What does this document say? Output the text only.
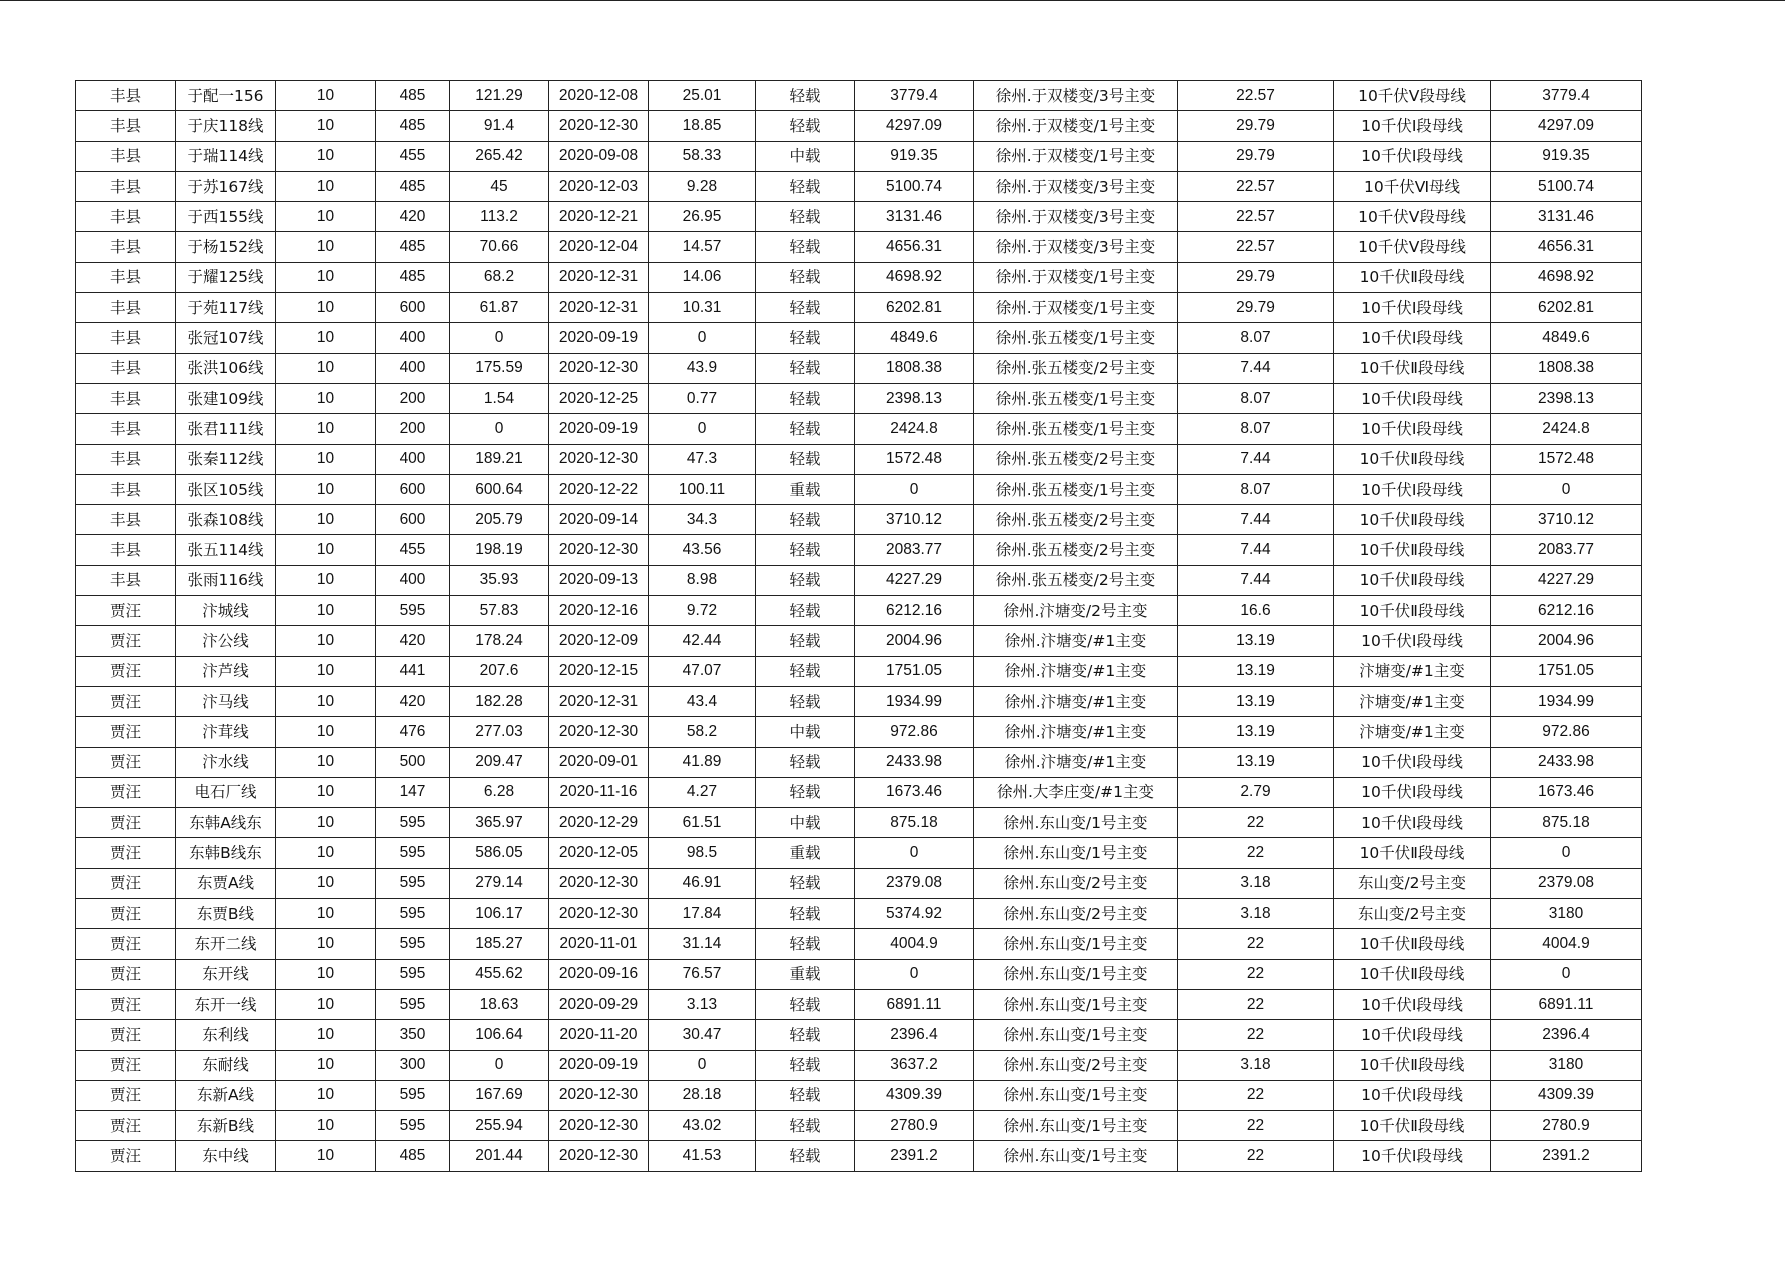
丰县	于配一156	10	485	121.29	2020-12-08	25.01	轻载	3779.4	徐州.于双楼变/3号主变	22.57	10千伏Ⅴ段母线	3779.4
丰县	于庆118线	10	485	91.4	2020-12-30	18.85	轻载	4297.09	徐州.于双楼变/1号主变	29.79	10千伏Ⅰ段母线	4297.09
丰县	于瑞114线	10	455	265.42	2020-09-08	58.33	中载	919.35	徐州.于双楼变/1号主变	29.79	10千伏Ⅰ段母线	919.35
丰县	于苏167线	10	485	45	2020-12-03	9.28	轻载	5100.74	徐州.于双楼变/3号主变	22.57	10千伏Ⅵ母线	5100.74
丰县	于西155线	10	420	113.2	2020-12-21	26.95	轻载	3131.46	徐州.于双楼变/3号主变	22.57	10千伏Ⅴ段母线	3131.46
丰县	于杨152线	10	485	70.66	2020-12-04	14.57	轻载	4656.31	徐州.于双楼变/3号主变	22.57	10千伏Ⅴ段母线	4656.31
丰县	于耀125线	10	485	68.2	2020-12-31	14.06	轻载	4698.92	徐州.于双楼变/1号主变	29.79	10千伏Ⅱ段母线	4698.92
丰县	于苑117线	10	600	61.87	2020-12-31	10.31	轻载	6202.81	徐州.于双楼变/1号主变	29.79	10千伏Ⅰ段母线	6202.81
丰县	张冠107线	10	400	0	2020-09-19	0	轻载	4849.6	徐州.张五楼变/1号主变	8.07	10千伏Ⅰ段母线	4849.6
丰县	张洪106线	10	400	175.59	2020-12-30	43.9	轻载	1808.38	徐州.张五楼变/2号主变	7.44	10千伏Ⅱ段母线	1808.38
丰县	张建109线	10	200	1.54	2020-12-25	0.77	轻载	2398.13	徐州.张五楼变/1号主变	8.07	10千伏Ⅰ段母线	2398.13
丰县	张君111线	10	200	0	2020-09-19	0	轻载	2424.8	徐州.张五楼变/1号主变	8.07	10千伏Ⅰ段母线	2424.8
丰县	张秦112线	10	400	189.21	2020-12-30	47.3	轻载	1572.48	徐州.张五楼变/2号主变	7.44	10千伏Ⅱ段母线	1572.48
丰县	张区105线	10	600	600.64	2020-12-22	100.11	重载	0	徐州.张五楼变/1号主变	8.07	10千伏Ⅰ段母线	0
丰县	张森108线	10	600	205.79	2020-09-14	34.3	轻载	3710.12	徐州.张五楼变/2号主变	7.44	10千伏Ⅱ段母线	3710.12
丰县	张五114线	10	455	198.19	2020-12-30	43.56	轻载	2083.77	徐州.张五楼变/2号主变	7.44	10千伏Ⅱ段母线	2083.77
丰县	张雨116线	10	400	35.93	2020-09-13	8.98	轻载	4227.29	徐州.张五楼变/2号主变	7.44	10千伏Ⅱ段母线	4227.29
贾汪	汴城线	10	595	57.83	2020-12-16	9.72	轻载	6212.16	徐州.汴塘变/2号主变	16.6	10千伏Ⅱ段母线	6212.16
贾汪	汴公线	10	420	178.24	2020-12-09	42.44	轻载	2004.96	徐州.汴塘变/#1主变	13.19	10千伏Ⅰ段母线	2004.96
贾汪	汴芦线	10	441	207.6	2020-12-15	47.07	轻载	1751.05	徐州.汴塘变/#1主变	13.19	汴塘变/#1主变	1751.05
贾汪	汴马线	10	420	182.28	2020-12-31	43.4	轻载	1934.99	徐州.汴塘变/#1主变	13.19	汴塘变/#1主变	1934.99
贾汪	汴茸线	10	476	277.03	2020-12-30	58.2	中载	972.86	徐州.汴塘变/#1主变	13.19	汴塘变/#1主变	972.86
贾汪	汴水线	10	500	209.47	2020-09-01	41.89	轻载	2433.98	徐州.汴塘变/#1主变	13.19	10千伏Ⅰ段母线	2433.98
贾汪	电石厂线	10	147	6.28	2020-11-16	4.27	轻载	1673.46	徐州.大李庄变/#1主变	2.79	10千伏Ⅰ段母线	1673.46
贾汪	东韩A线东	10	595	365.97	2020-12-29	61.51	中载	875.18	徐州.东山变/1号主变	22	10千伏Ⅰ段母线	875.18
贾汪	东韩B线东	10	595	586.05	2020-12-05	98.5	重载	0	徐州.东山变/1号主变	22	10千伏Ⅱ段母线	0
贾汪	东贾A线	10	595	279.14	2020-12-30	46.91	轻载	2379.08	徐州.东山变/2号主变	3.18	东山变/2号主变	2379.08
贾汪	东贾B线	10	595	106.17	2020-12-30	17.84	轻载	5374.92	徐州.东山变/2号主变	3.18	东山变/2号主变	3180
贾汪	东开二线	10	595	185.27	2020-11-01	31.14	轻载	4004.9	徐州.东山变/1号主变	22	10千伏Ⅱ段母线	4004.9
贾汪	东开线	10	595	455.62	2020-09-16	76.57	重载	0	徐州.东山变/1号主变	22	10千伏Ⅱ段母线	0
贾汪	东开一线	10	595	18.63	2020-09-29	3.13	轻载	6891.11	徐州.东山变/1号主变	22	10千伏Ⅰ段母线	6891.11
贾汪	东利线	10	350	106.64	2020-11-20	30.47	轻载	2396.4	徐州.东山变/1号主变	22	10千伏Ⅰ段母线	2396.4
贾汪	东耐线	10	300	0	2020-09-19	0	轻载	3637.2	徐州.东山变/2号主变	3.18	10千伏Ⅱ段母线	3180
贾汪	东新A线	10	595	167.69	2020-12-30	28.18	轻载	4309.39	徐州.东山变/1号主变	22	10千伏Ⅰ段母线	4309.39
贾汪	东新B线	10	595	255.94	2020-12-30	43.02	轻载	2780.9	徐州.东山变/1号主变	22	10千伏Ⅱ段母线	2780.9
贾汪	东中线	10	485	201.44	2020-12-30	41.53	轻载	2391.2	徐州.东山变/1号主变	22	10千伏Ⅰ段母线	2391.2
